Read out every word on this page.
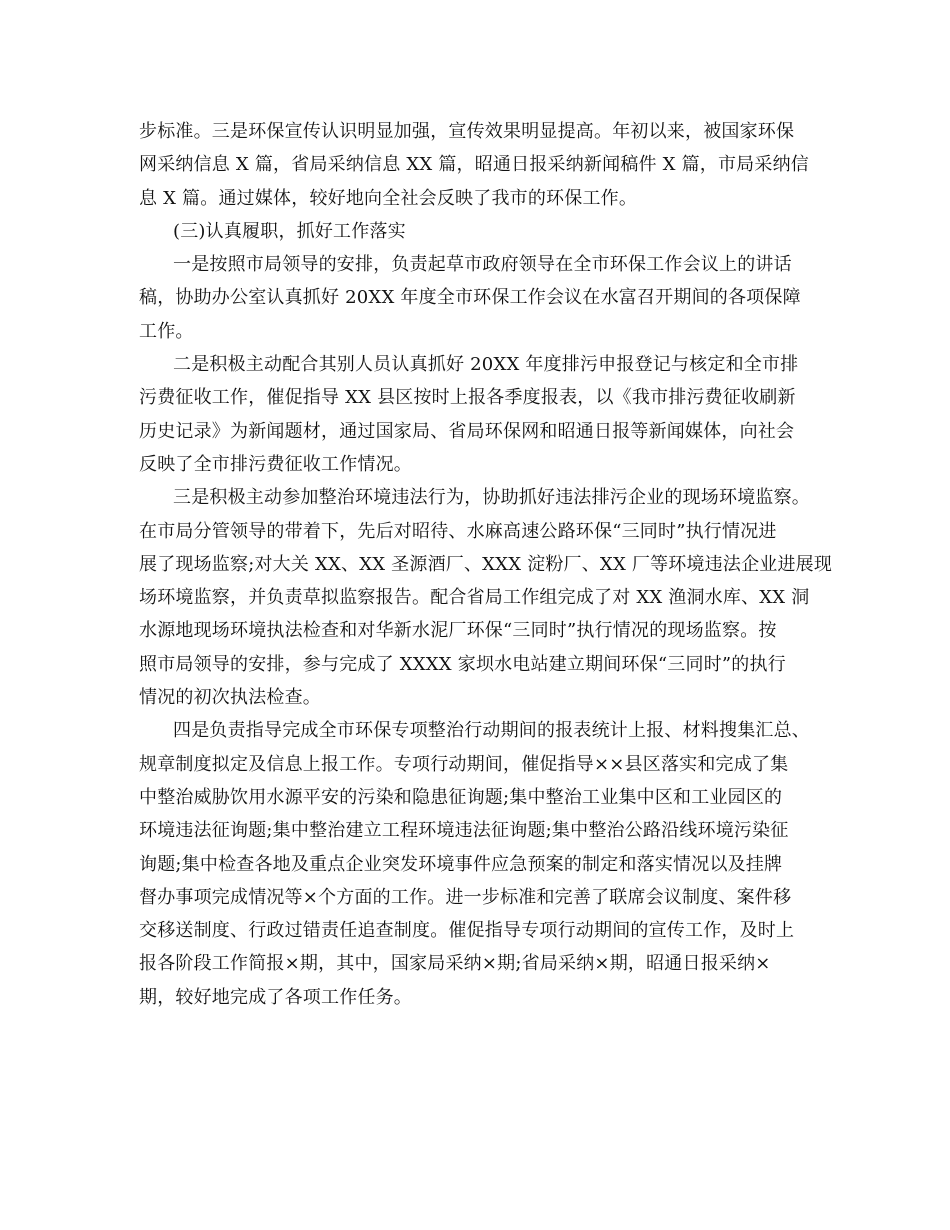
步标准。三是环保宣传认识明显加强，宣传效果明显提高。年初以来，被国家环保
网采纳信息 X 篇，省局采纳信息 XX 篇，昭通日报采纳新闻稿件 X 篇，市局采纳信
息 X 篇。通过媒体，较好地向全社会反映了我市的环保工作。
(三)认真履职，抓好工作落实
一是按照市局领导的安排，负责起草市政府领导在全市环保工作会议上的讲话
稿，协助办公室认真抓好 20XX 年度全市环保工作会议在水富召开期间的各项保障
工作。
二是积极主动配合其别人员认真抓好 20XX 年度排污申报登记与核定和全市排
污费征收工作，催促指导 XX 县区按时上报各季度报表，以《我市排污费征收刷新
历史记录》为新闻题材，通过国家局、省局环保网和昭通日报等新闻媒体，向社会
反映了全市排污费征收工作情况。
三是积极主动参加整治环境违法行为，协助抓好违法排污企业的现场环境监察。
在市局分管领导的带着下，先后对昭待、水麻高速公路环保“三同时”执行情况进
展了现场监察;对大关 XX、XX 圣源酒厂、XXX 淀粉厂、XX 厂等环境违法企业进展现
场环境监察，并负责草拟监察报告。配合省局工作组完成了对 XX 渔洞水库、XX 洞
水源地现场环境执法检查和对华新水泥厂环保“三同时”执行情况的现场监察。按
照市局领导的安排，参与完成了 XXXX 家坝水电站建立期间环保“三同时”的执行
情况的初次执法检查。
四是负责指导完成全市环保专项整治行动期间的报表统计上报、材料搜集汇总、
规章制度拟定及信息上报工作。专项行动期间，催促指导××县区落实和完成了集
中整治威胁饮用水源平安的污染和隐患征询题;集中整治工业集中区和工业园区的
环境违法征询题;集中整治建立工程环境违法征询题;集中整治公路沿线环境污染征
询题;集中检查各地及重点企业突发环境事件应急预案的制定和落实情况以及挂牌
督办事项完成情况等×个方面的工作。进一步标准和完善了联席会议制度、案件移
交移送制度、行政过错责任追查制度。催促指导专项行动期间的宣传工作，及时上
报各阶段工作简报×期，其中，国家局采纳×期;省局采纳×期，昭通日报采纳×
期，较好地完成了各项工作任务。
